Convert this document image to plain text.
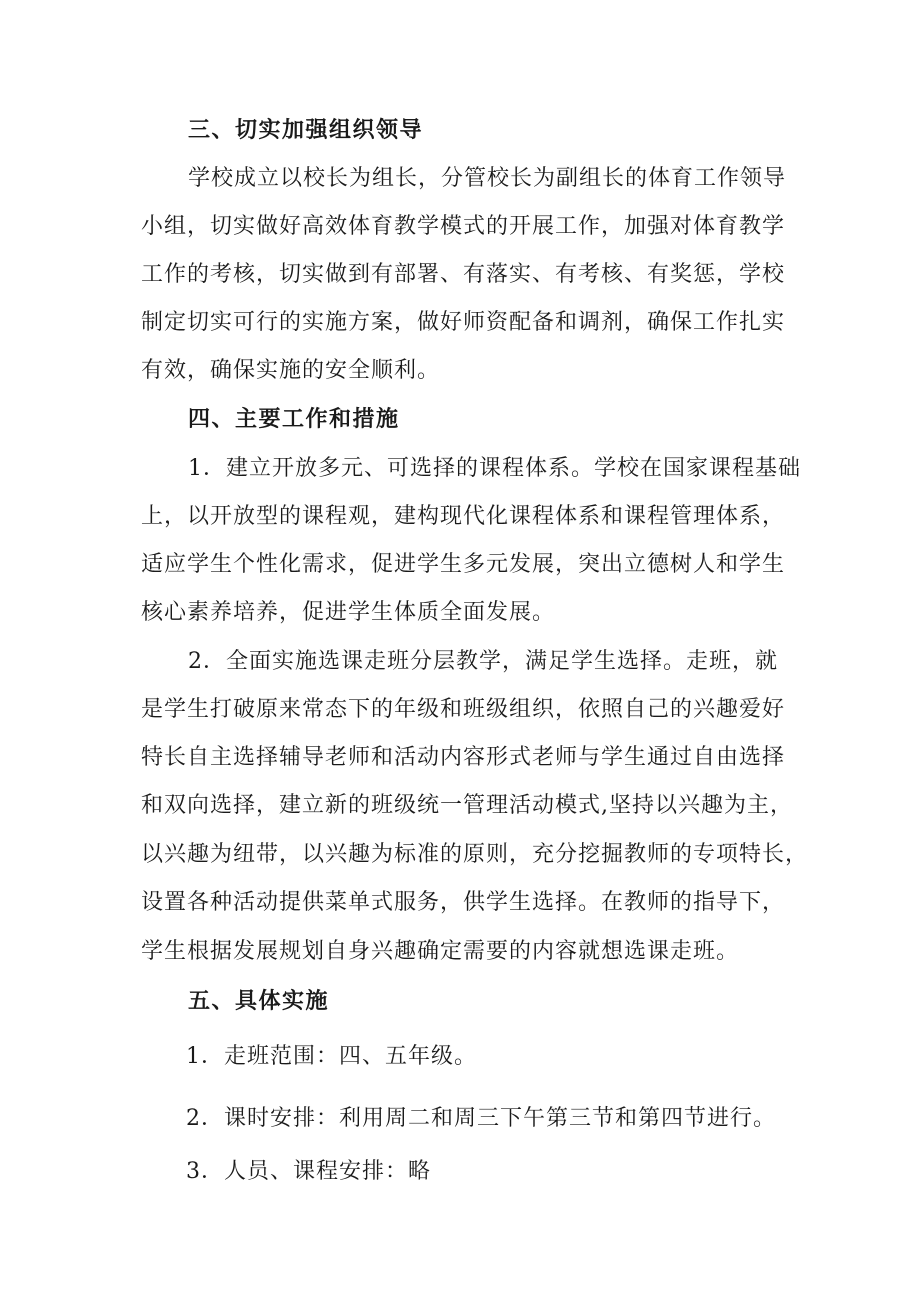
三、切实加强组织领导
学校成立以校长为组长，分管校长为副组长的体育工作领导
小组，切实做好高效体育教学模式的开展工作，加强对体育教学
工作的考核，切实做到有部署、有落实、有考核、有奖惩，学校
制定切实可行的实施方案，做好师资配备和调剂，确保工作扎实
有效，确保实施的安全顺利。
四、主要工作和措施
1．建立开放多元、可选择的课程体系。学校在国家课程基础
上，以开放型的课程观，建构现代化课程体系和课程管理体系，
适应学生个性化需求，促进学生多元发展，突出立德树人和学生
核心素养培养，促进学生体质全面发展。
2．全面实施选课走班分层教学，满足学生选择。走班，就
是学生打破原来常态下的年级和班级组织，依照自己的兴趣爱好
特长自主选择辅导老师和活动内容形式老师与学生通过自由选择
和双向选择，建立新的班级统一管理活动模式,坚持以兴趣为主，
以兴趣为纽带，以兴趣为标准的原则，充分挖掘教师的专项特长，
设置各种活动提供菜单式服务，供学生选择。在教师的指导下，
学生根据发展规划自身兴趣确定需要的内容就想选课走班。
五、具体实施
1．走班范围：四、五年级。
2．课时安排：利用周二和周三下午第三节和第四节进行。
3．人员、课程安排：略
